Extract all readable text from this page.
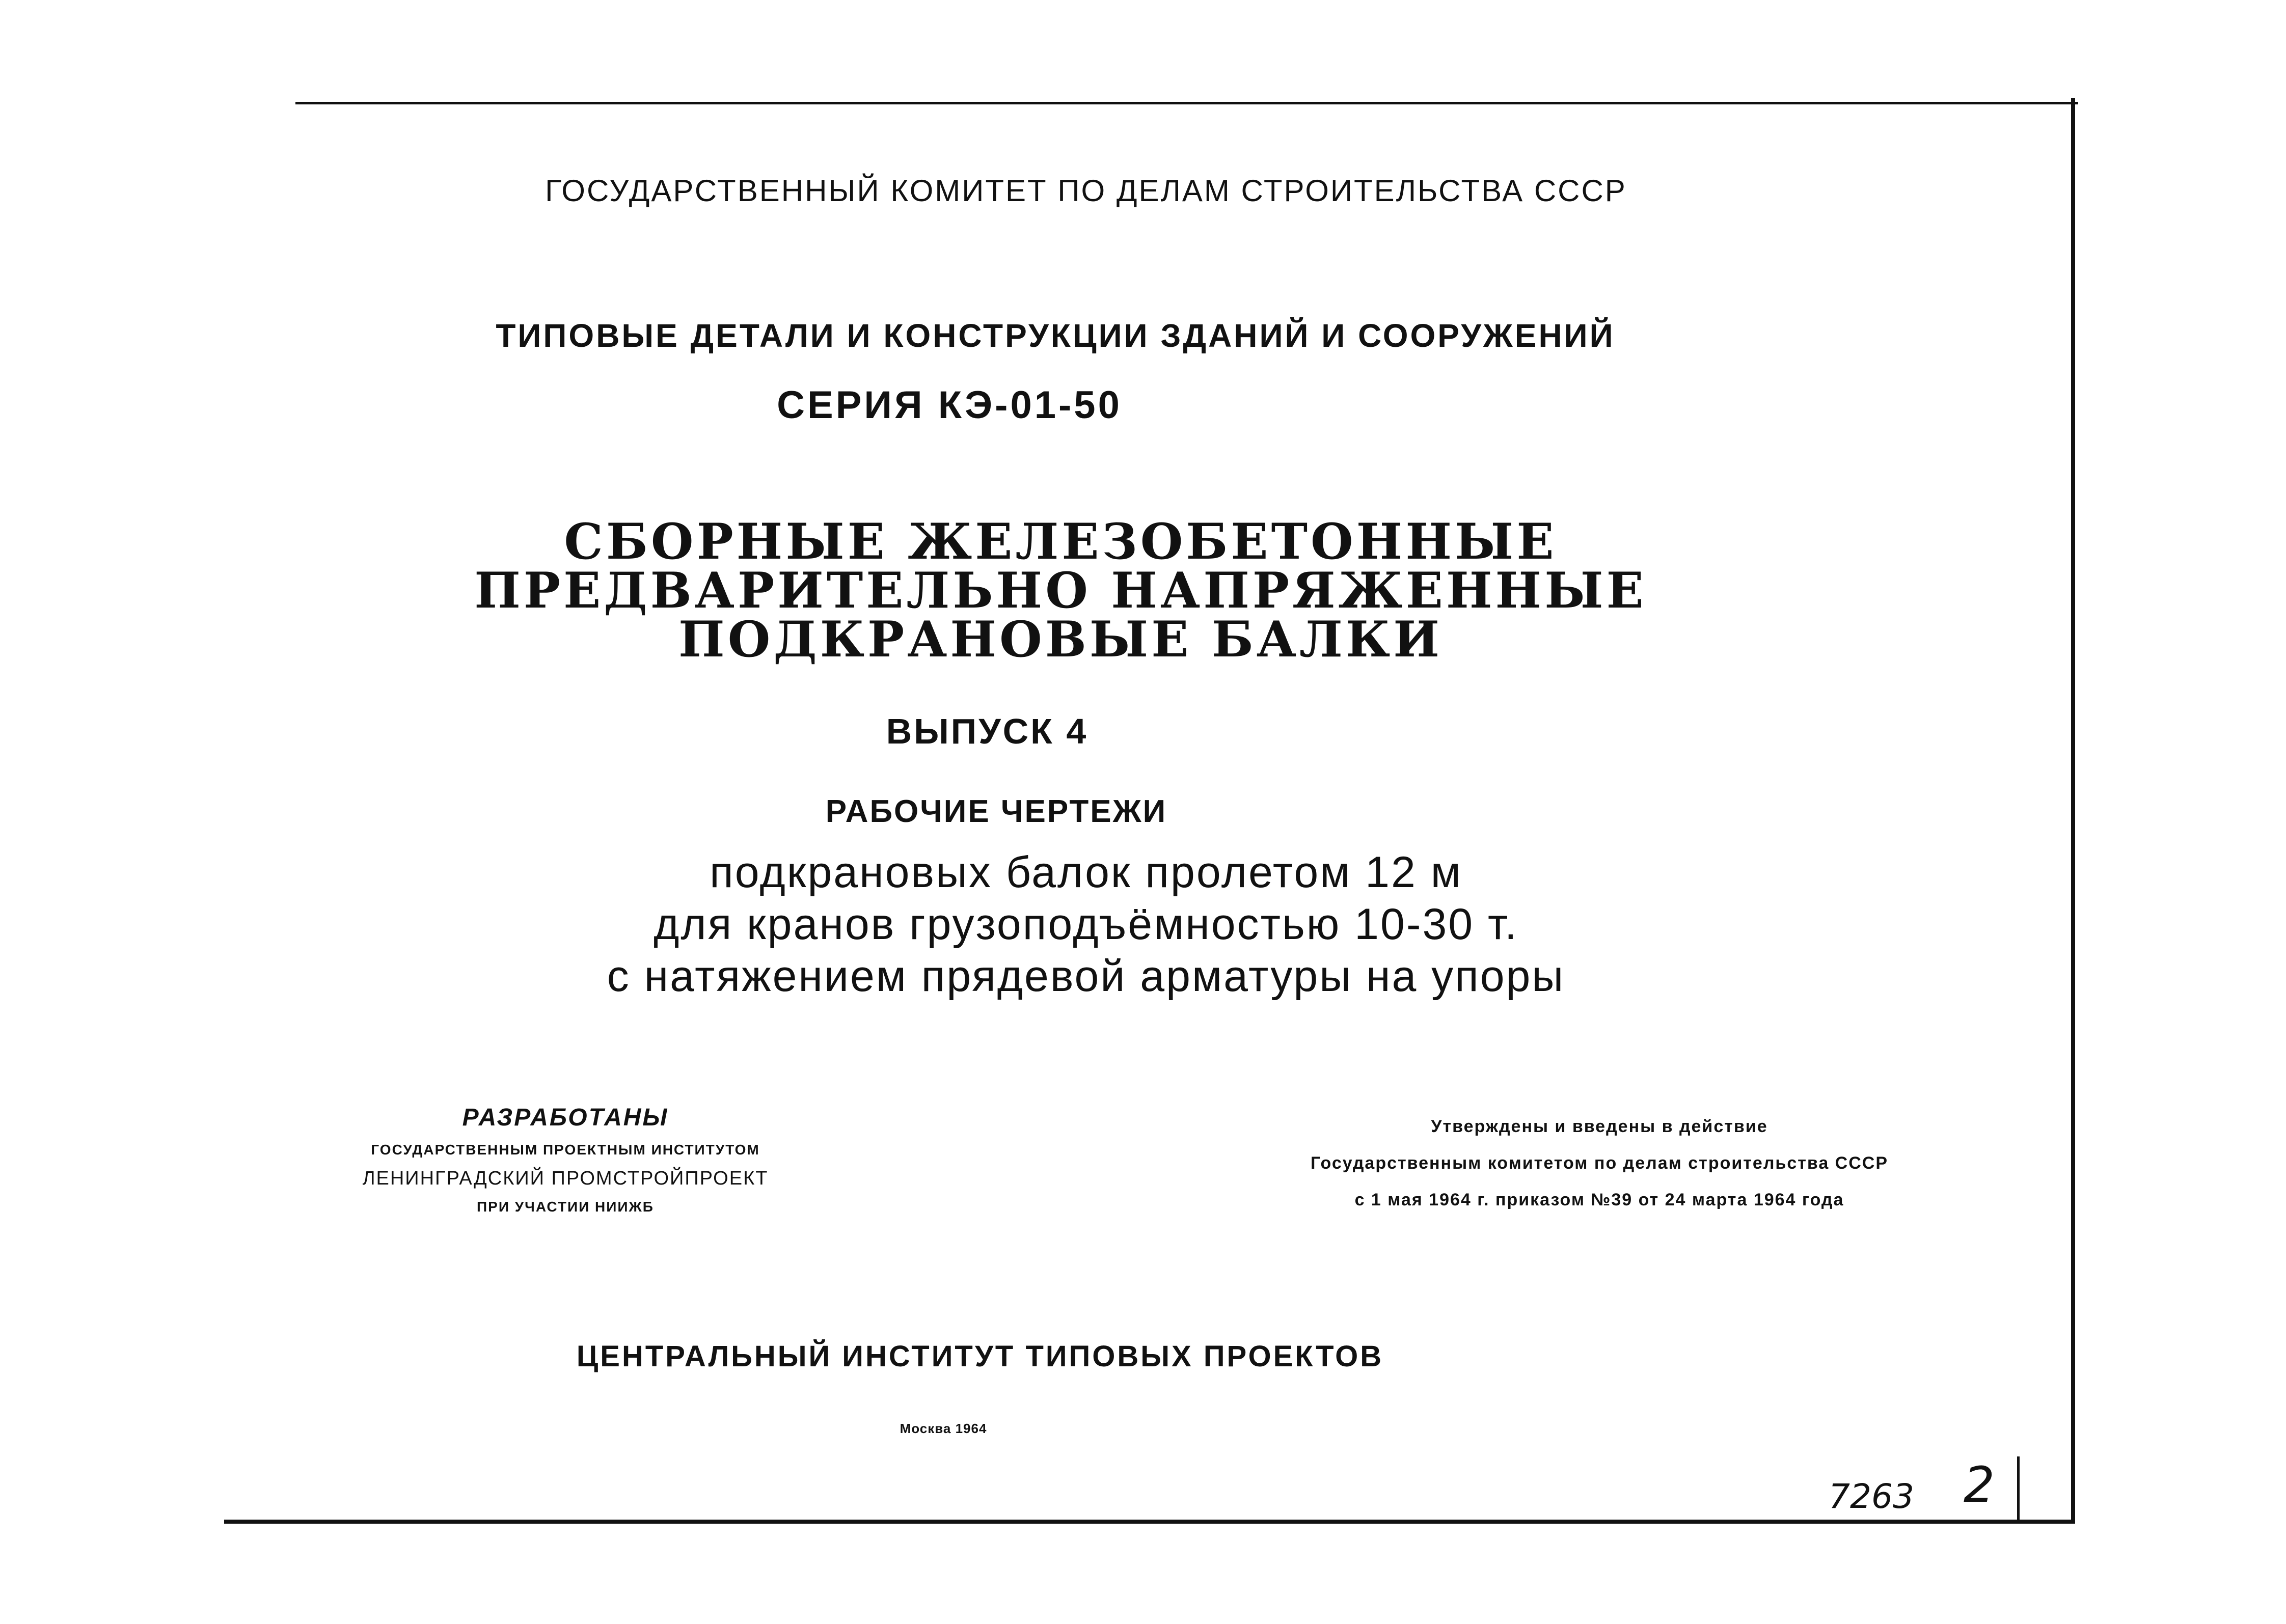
ГОСУДАРСТВЕННЫЙ КОМИТЕТ ПО ДЕЛАМ СТРОИТЕЛЬСТВА СССР
ТИПОВЫЕ ДЕТАЛИ И КОНСТРУКЦИИ ЗДАНИЙ И СООРУЖЕНИЙ
СЕРИЯ КЭ-01-50
СБОРНЫЕ ЖЕЛЕЗОБЕТОННЫЕ
ПРЕДВАРИТЕЛЬНО НАПРЯЖЕННЫЕ
ПОДКРАНОВЫЕ БАЛКИ
ВЫПУСК 4
РАБОЧИЕ ЧЕРТЕЖИ
подкрановых балок пролетом 12 м
для кранов грузоподъёмностью 10-30 т.
с натяжением прядевой арматуры на упоры
РАЗРАБОТАНЫ
ГОСУДАРСТВЕННЫМ ПРОЕКТНЫМ ИНСТИТУТОМ
ЛЕНИНГРАДСКИЙ ПРОМСТРОЙПРОЕКТ
ПРИ УЧАСТИИ НИИЖБ
Утверждены и введены в действие
Государственным комитетом по делам строительства СССР
с 1 мая 1964 г. приказом №39 от 24 марта 1964 года
ЦЕНТРАЛЬНЫЙ ИНСТИТУТ ТИПОВЫХ ПРОЕКТОВ
Москва 1964
7263 2
